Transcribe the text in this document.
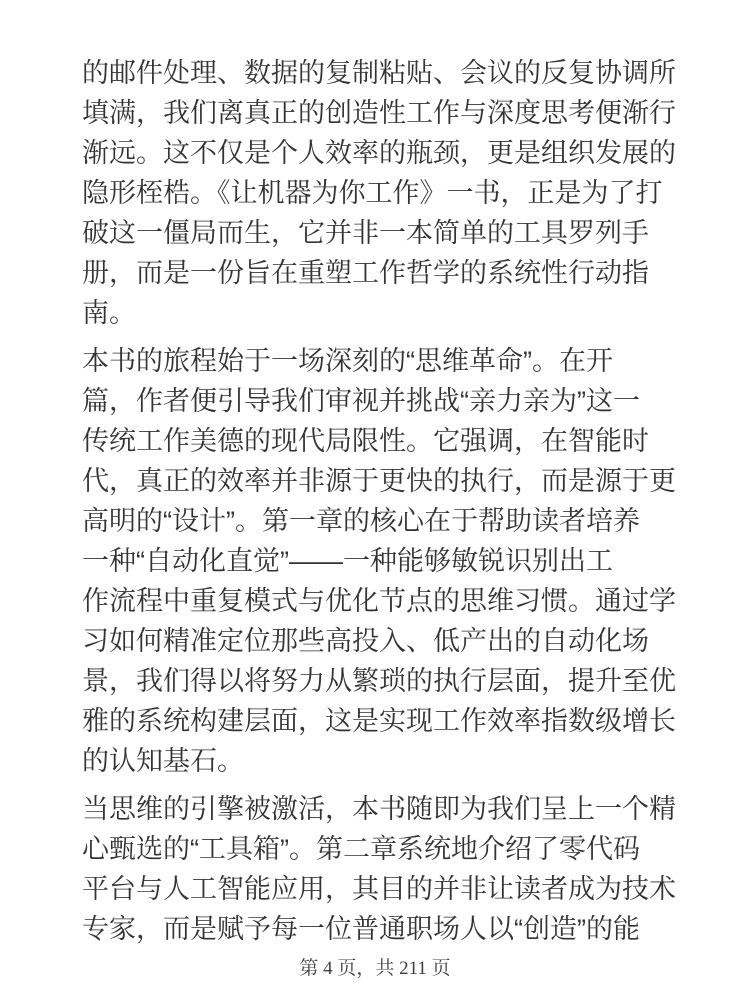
的邮件处理、数据的复制粘贴、会议的反复协调所
填满，我们离真正的创造性工作与深度思考便渐行
渐远。这不仅是个人效率的瓶颈，更是组织发展的
隐形桎梏。《让机器为你工作》一书，正是为了打
破这一僵局而生，它并非一本简单的工具罗列手
册，而是一份旨在重塑工作哲学的系统性行动指
南。
本书的旅程始于一场深刻的“思维革命”。在开
篇，作者便引导我们审视并挑战“亲力亲为”这一
传统工作美德的现代局限性。它强调，在智能时
代，真正的效率并非源于更快的执行，而是源于更
高明的“设计”。第一章的核心在于帮助读者培养
一种“自动化直觉”——一种能够敏锐识别出工
作流程中重复模式与优化节点的思维习惯。通过学
习如何精准定位那些高投入、低产出的自动化场
景，我们得以将努力从繁琐的执行层面，提升至优
雅的系统构建层面，这是实现工作效率指数级增长
的认知基石。
当思维的引擎被激活，本书随即为我们呈上一个精
心甄选的“工具箱”。第二章系统地介绍了零代码
平台与人工智能应用，其目的并非让读者成为技术
专家，而是赋予每一位普通职场人以“创造”的能
第 4 页，共 211 页
